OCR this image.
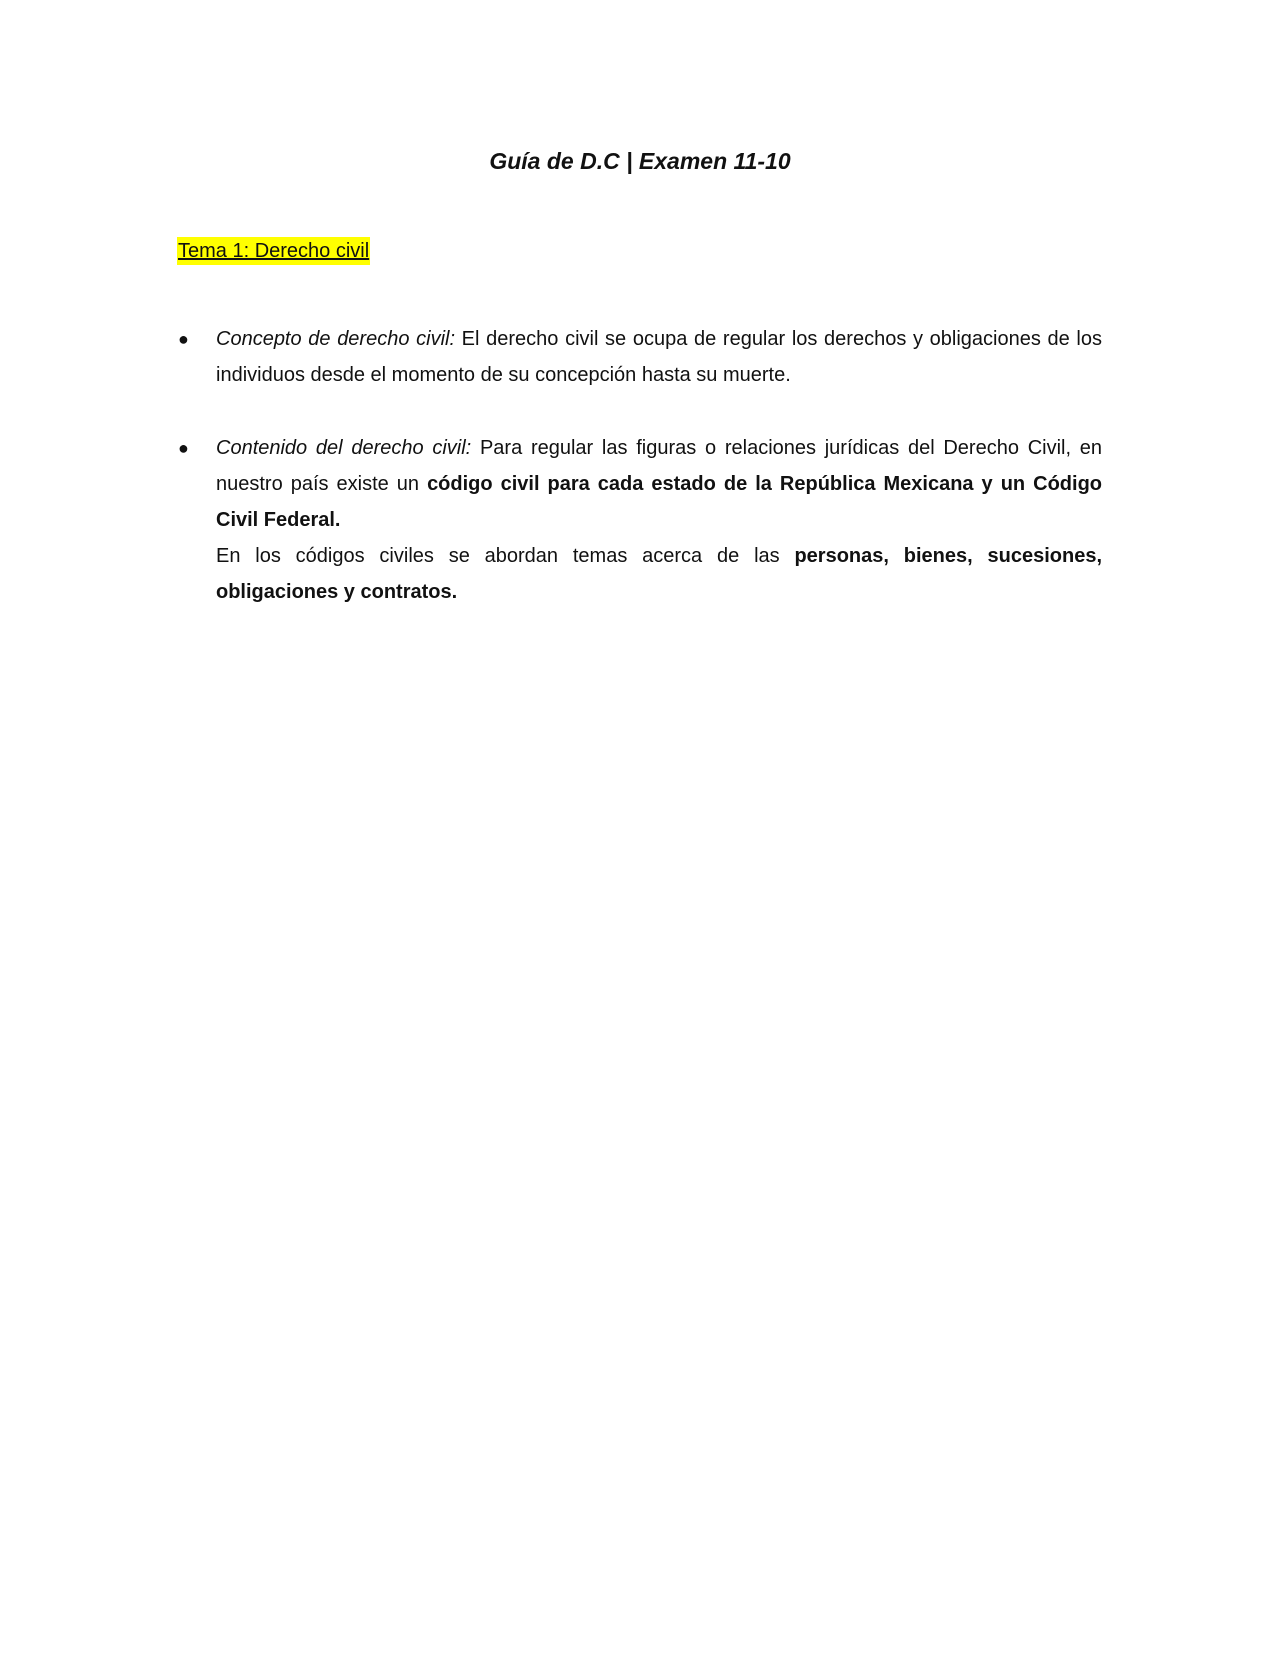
Guía de D.C | Examen 11-10
Tema 1: Derecho civil
● Concepto de derecho civil: El derecho civil se ocupa de regular los derechos y obligaciones de los individuos desde el momento de su concepción hasta su muerte.
● Contenido del derecho civil: Para regular las figuras o relaciones jurídicas del Derecho Civil, en nuestro país existe un código civil para cada estado de la República Mexicana y un Código Civil Federal.
En los códigos civiles se abordan temas acerca de las personas, bienes, sucesiones, obligaciones y contratos.
